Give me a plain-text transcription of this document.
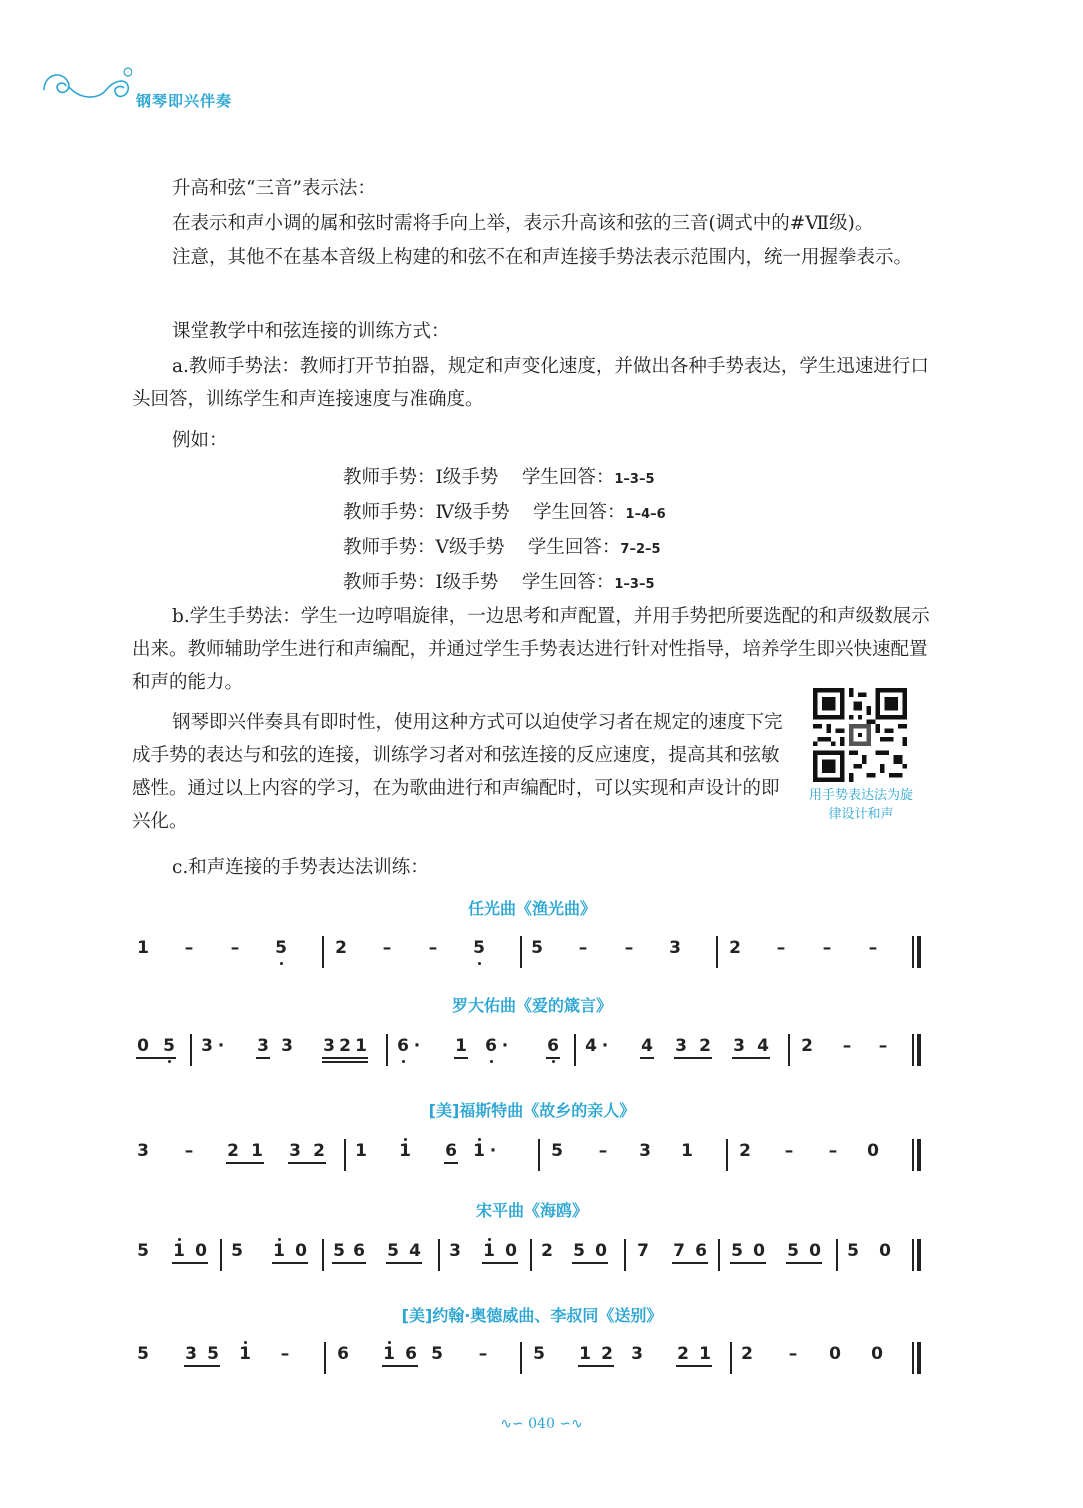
钢琴即兴伴奏
升高和弦“三音”表示法：
在表示和声小调的属和弦时需将手向上举，表示升高该和弦的三音(调式中的#Ⅶ级)。
注意，其他不在基本音级上构建的和弦不在和声连接手势法表示范围内，统一用握拳表示。
课堂教学中和弦连接的训练方式：
a.教师手势法：教师打开节拍器，规定和声变化速度，并做出各种手势表达，学生迅速进行口头回答，训练学生和声连接速度与准确度。
例如：
教师手势：Ⅰ级手势 学生回答：1–3–5
教师手势：Ⅳ级手势 学生回答：1–4–6
教师手势：Ⅴ级手势 学生回答：7–2–5
教师手势：Ⅰ级手势 学生回答：1–3–5
b.学生手势法：学生一边哼唱旋律，一边思考和声配置，并用手势把所要选配的和声级数展示出来。教师辅助学生进行和声编配，并通过学生手势表达进行针对性指导，培养学生即兴快速配置和声的能力。
钢琴即兴伴奏具有即时性，使用这种方式可以迫使学习者在规定的速度下完成手势的表达与和弦的连接，训练学习者对和弦连接的反应速度，提高其和弦敏感性。通过以上内容的学习，在为歌曲进行和声编配时，可以实现和声设计的即兴化。
用手势表达法为旋律设计和声
c.和声连接的手势表达法训练：
任光曲《渔光曲》
1 – – 5	2 – – 5	5 – – 3	2 – – –
罗大佑曲《爱的箴言》
0 5 3 · 3 3 3 2 1 6 · 1 6 · 6 4 · 4 3 2 3 4 2 – –
[美]福斯特曲《故乡的亲人》
3 – 2 1 3 2 1 1 6 1 ·	5 – 3 1	2 – – 0
宋平曲《海鸥》
5 1 0 5 1 0 5 6 5 4 3 1 0 2 5 0 7 7 6 5 0 5 0 5 0
[美]约翰·奥德威曲、李叔同《送别》
5 3 5 1 –	6 1 6 5 –	5 1 2 3 2 1 2 – 0 0
∿∽ 040 ∽∿
